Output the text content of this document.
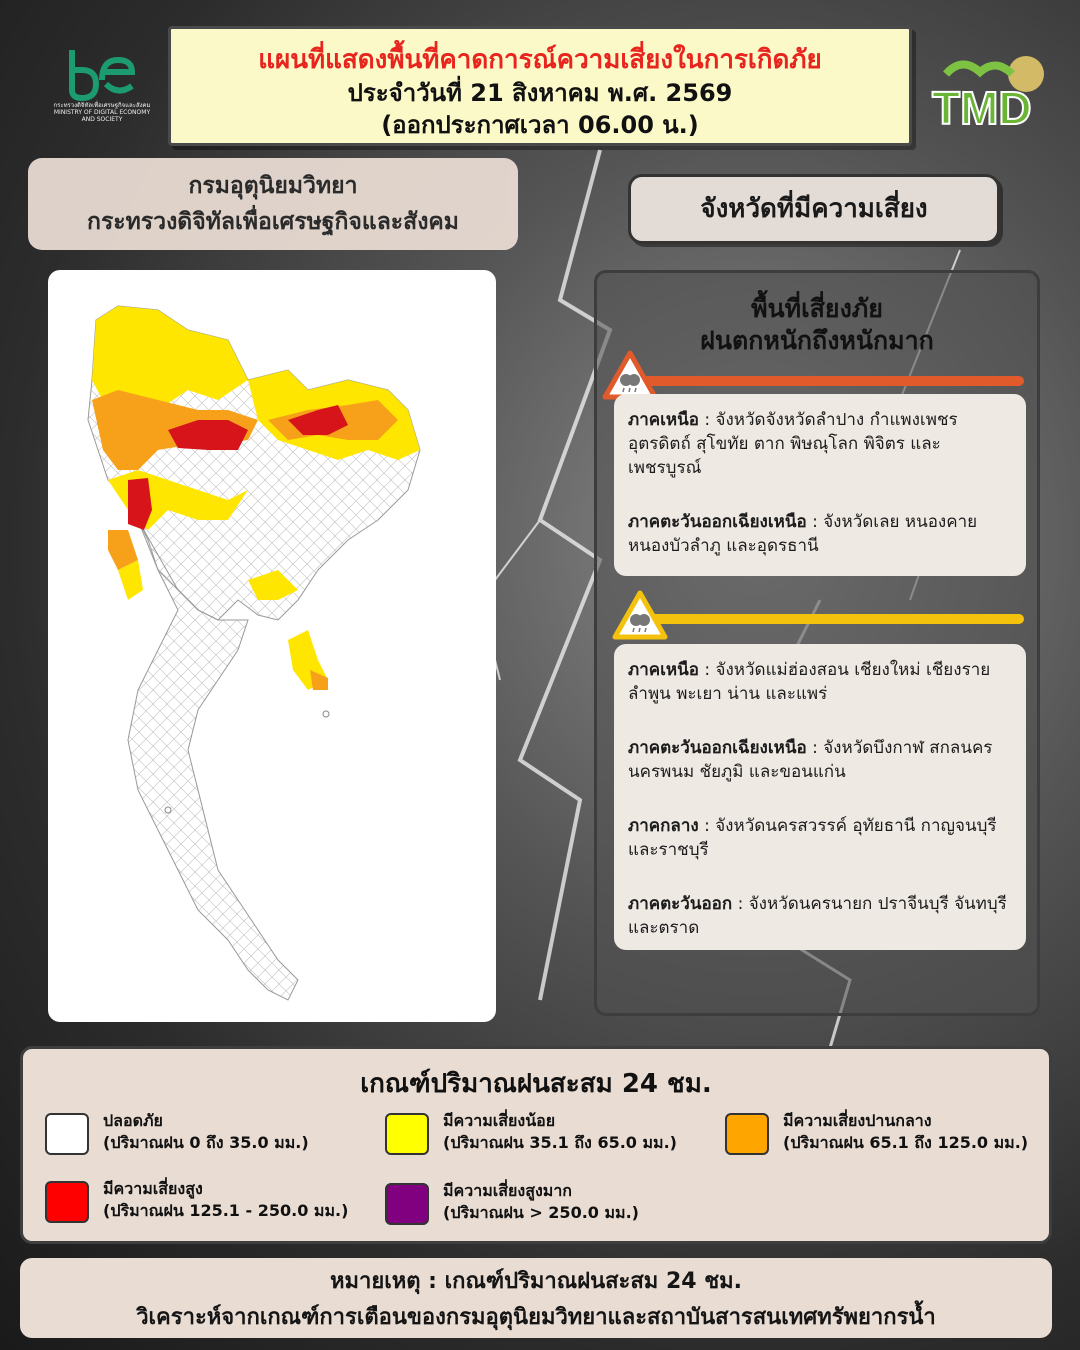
กระทรวงดิจิทัลเพื่อเศรษฐกิจและสังคม MINISTRY OF DIGITAL ECONOMY AND SOCIETY
แผนที่แสดงพื้นที่คาดการณ์ความเสี่ยงในการเกิดภัย
ประจำวันที่ 21 สิงหาคม พ.ศ. 2569
(ออกประกาศเวลา 06.00 น.)	TMD
กรมอุตุนิยมวิทยา
กระทรวงดิจิทัลเพื่อเศรษฐกิจและสังคม	จังหวัดที่มีความเสี่ยง
พื้นที่เสี่ยงภัย
ฝนตกหนักถึงหนักมาก
ภาคเหนือ : จังหวัดจังหวัดลำปาง กำแพงเพชร อุตรดิตถ์ สุโขทัย ตาก พิษณุโลก พิจิตร และเพชรบูรณ์
ภาคตะวันออกเฉียงเหนือ : จังหวัดเลย หนองคาย หนองบัวลำภู และอุดรธานี
ภาคเหนือ : จังหวัดแม่ฮ่องสอน เชียงใหม่ เชียงราย ลำพูน พะเยา น่าน และแพร่
ภาคตะวันออกเฉียงเหนือ : จังหวัดบึงกาฬ สกลนคร นครพนม ชัยภูมิ และขอนแก่น
ภาคกลาง : จังหวัดนครสวรรค์ อุทัยธานี กาญจนบุรี และราชบุรี
ภาคตะวันออก : จังหวัดนครนายก ปราจีนบุรี จันทบุรี และตราด
เกณฑ์ปริมาณฝนสะสม 24 ชม.
ปลอดภัย
(ปริมาณฝน 0 ถึง 35.0 มม.)
มีความเสี่ยงน้อย
(ปริมาณฝน 35.1 ถึง 65.0 มม.)
มีความเสี่ยงปานกลาง
(ปริมาณฝน 65.1 ถึง 125.0 มม.)
มีความเสี่ยงสูง
(ปริมาณฝน 125.1 - 250.0 มม.)
มีความเสี่ยงสูงมาก
(ปริมาณฝน > 250.0 มม.)
หมายเหตุ : เกณฑ์ปริมาณฝนสะสม 24 ชม.
วิเคราะห์จากเกณฑ์การเตือนของกรมอุตุนิยมวิทยาและสถาบันสารสนเทศทรัพยากรน้ำ
